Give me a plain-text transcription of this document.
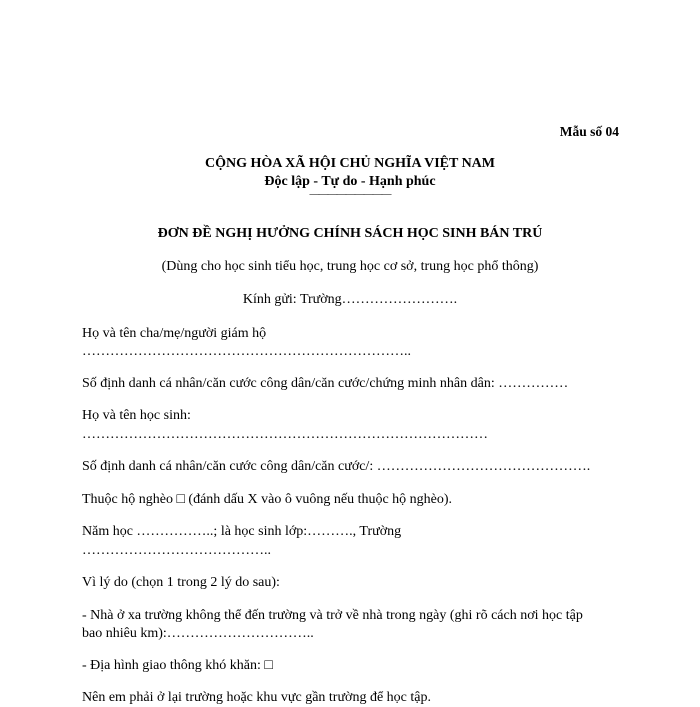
Mẫu số 04
CỘNG HÒA XÃ HỘI CHỦ NGHĨA VIỆT NAM
Độc lập - Tự do - Hạnh phúc
—————————
ĐƠN ĐỀ NGHỊ HƯỞNG CHÍNH SÁCH HỌC SINH BÁN TRÚ
(Dùng cho học sinh tiểu học, trung học cơ sở, trung học phổ thông)
Kính gửi: Trường…………………….
Họ và tên cha/mẹ/người giám hộ
……………………………………………………………..
Số định danh cá nhân/căn cước công dân/căn cước/chứng minh nhân dân: ……………
Họ và tên học sinh:
……………………………………………………………………………
Số định danh cá nhân/căn cước công dân/căn cước/: ……………………………………….
Thuộc hộ nghèo □ (đánh dấu X vào ô vuông nếu thuộc hộ nghèo).
Năm học ……………..; là học sinh lớp:………., Trường
…………………………………..
Vì lý do (chọn 1 trong 2 lý do sau):
- Nhà ở xa trường không thể đến trường và trở về nhà trong ngày (ghi rõ cách nơi học tập
bao nhiêu km):…………………………..
- Địa hình giao thông khó khăn: □
Nên em phải ở lại trường hoặc khu vực gần trường để học tập.
